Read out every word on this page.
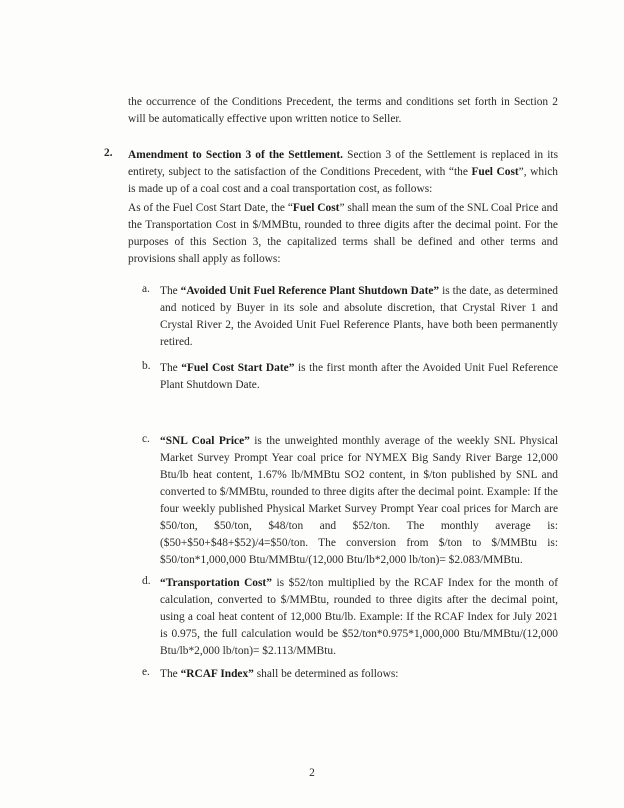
the occurrence of the Conditions Precedent, the terms and conditions set forth in Section 2 will be automatically effective upon written notice to Seller.
2. Amendment to Section 3 of the Settlement. Section 3 of the Settlement is replaced in its entirety, subject to the satisfaction of the Conditions Precedent, with “the Fuel Cost”, which is made up of a coal cost and a coal transportation cost, as follows:
As of the Fuel Cost Start Date, the “Fuel Cost” shall mean the sum of the SNL Coal Price and the Transportation Cost in $/MMBtu, rounded to three digits after the decimal point. For the purposes of this Section 3, the capitalized terms shall be defined and other terms and provisions shall apply as follows:
a. The “Avoided Unit Fuel Reference Plant Shutdown Date” is the date, as determined and noticed by Buyer in its sole and absolute discretion, that Crystal River 1 and Crystal River 2, the Avoided Unit Fuel Reference Plants, have both been permanently retired.
b. The “Fuel Cost Start Date” is the first month after the Avoided Unit Fuel Reference Plant Shutdown Date.
c. “SNL Coal Price” is the unweighted monthly average of the weekly SNL Physical Market Survey Prompt Year coal price for NYMEX Big Sandy River Barge 12,000 Btu/lb heat content, 1.67% lb/MMBtu SO2 content, in $/ton published by SNL and converted to $/MMBtu, rounded to three digits after the decimal point. Example: If the four weekly published Physical Market Survey Prompt Year coal prices for March are $50/ton, $50/ton, $48/ton and $52/ton. The monthly average is: ($50+$50+$48+$52)/4=$50/ton. The conversion from $/ton to $/MMBtu is: $50/ton*1,000,000 Btu/MMBtu/(12,000 Btu/lb*2,000 lb/ton)= $2.083/MMBtu.
d. “Transportation Cost” is $52/ton multiplied by the RCAF Index for the month of calculation, converted to $/MMBtu, rounded to three digits after the decimal point, using a coal heat content of 12,000 Btu/lb. Example: If the RCAF Index for July 2021 is 0.975, the full calculation would be $52/ton*0.975*1,000,000 Btu/MMBtu/(12,000 Btu/lb*2,000 lb/ton)= $2.113/MMBtu.
e. The “RCAF Index” shall be determined as follows:
2
